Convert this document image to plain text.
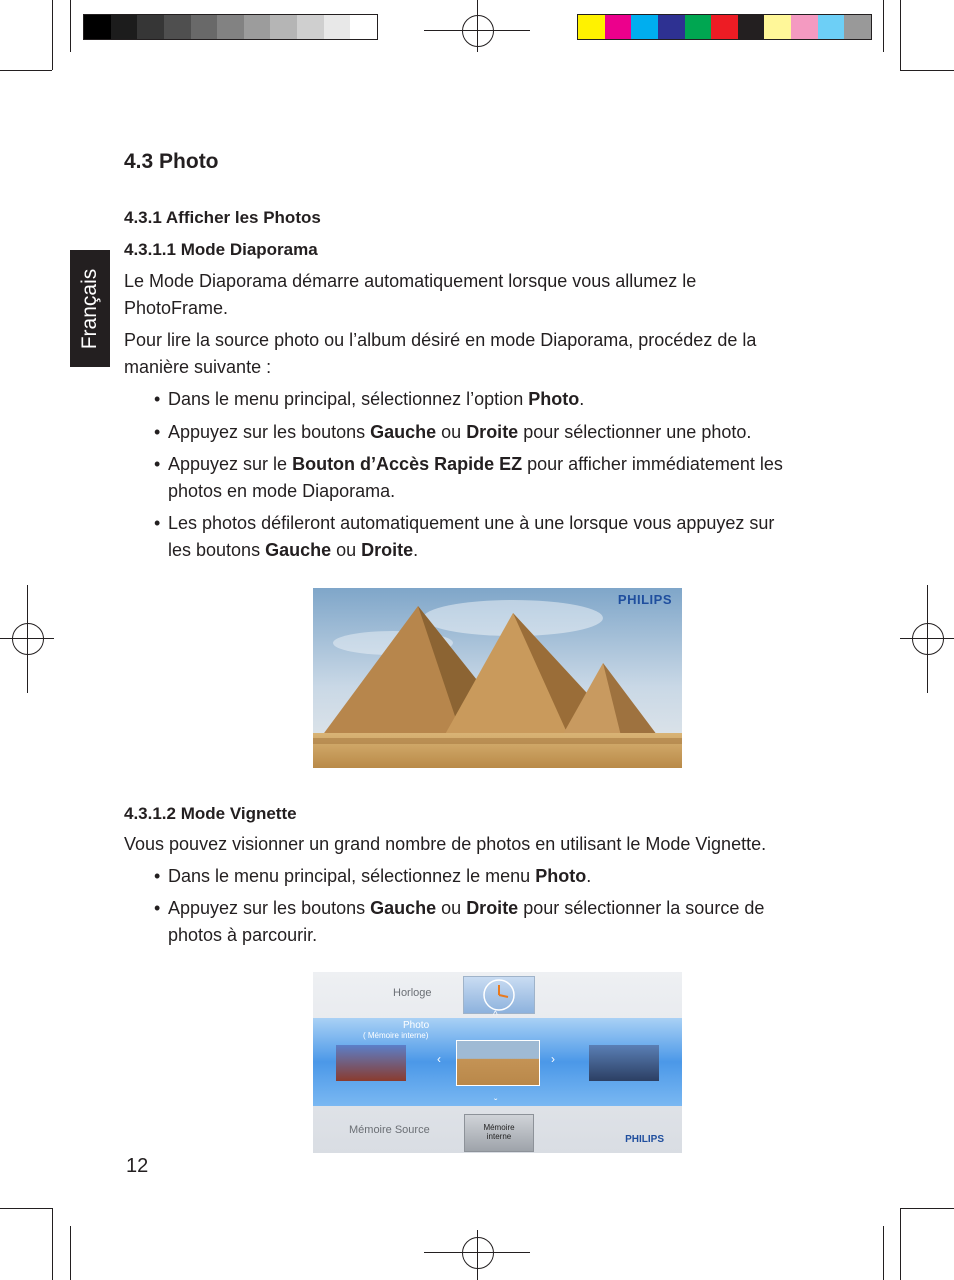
Français
4.3 Photo
4.3.1 Afficher les Photos
4.3.1.1 Mode Diaporama
Le Mode Diaporama démarre automatiquement lorsque vous allumez le
PhotoFrame.
Pour lire la source photo ou l’album désiré en mode Diaporama, procédez de la
manière suivante :
• Dans le menu principal, sélectionnez l’option Photo.
• Appuyez sur les boutons Gauche ou Droite pour sélectionner une photo.
• Appuyez sur le Bouton d’Accès Rapide EZ pour afficher immédiatement les
photos en mode Diaporama.
• Les photos défileront automatiquement une à une lorsque vous appuyez sur
les boutons Gauche ou Droite.
PHILIPS
4.3.1.2 Mode Vignette
Vous pouvez visionner un grand nombre de photos en utilisant le Mode Vignette.
• Dans le menu principal, sélectionnez le menu Photo.
• Appuyez sur les boutons Gauche ou Droite pour sélectionner la source de
photos à parcourir.
Horloge
Photo
( Mémoire interne)
^
‹	›
ˇ
Mémoire Source	Mémoire
interne	PHILIPS
12
